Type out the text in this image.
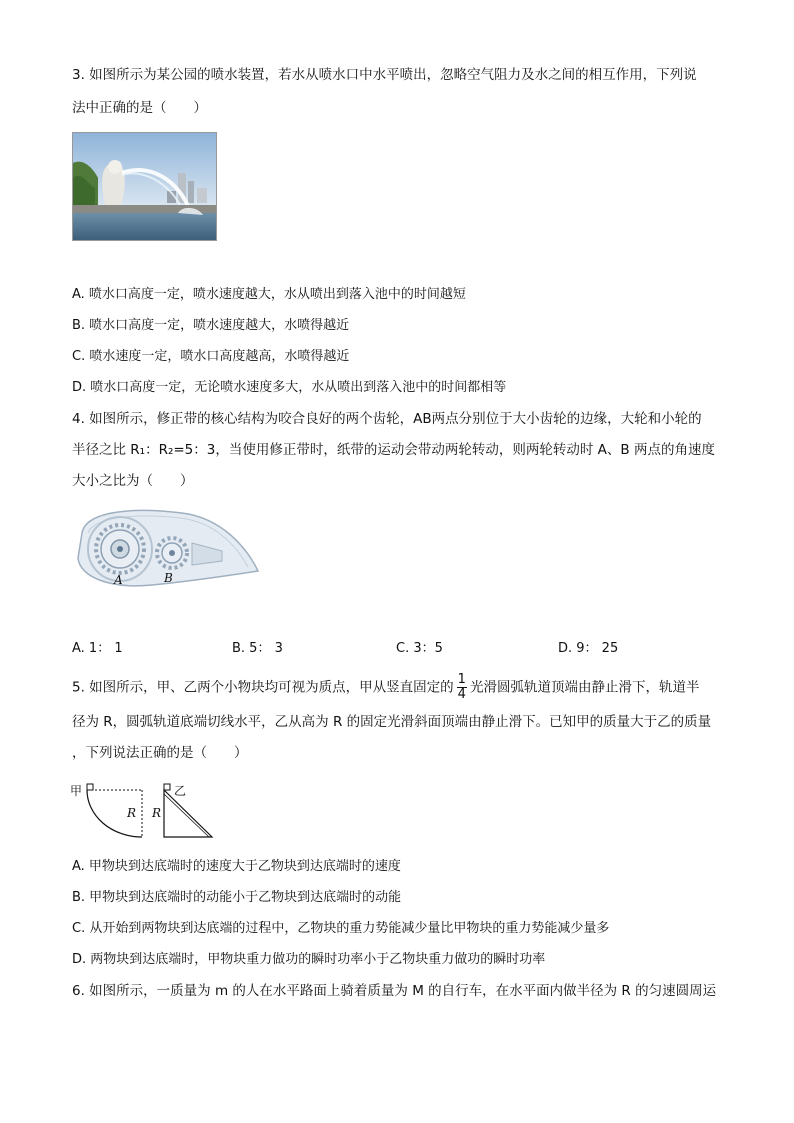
3. 如图所示为某公园的喷水装置，若水从喷水口中水平喷出，忽略空气阻力及水之间的相互作用，下列说
法中正确的是（　　）
A. 喷水口高度一定，喷水速度越大，水从喷出到落入池中的时间越短
B. 喷水口高度一定，喷水速度越大，水喷得越近
C. 喷水速度一定，喷水口高度越高，水喷得越近
D. 喷水口高度一定，无论喷水速度多大，水从喷出到落入池中的时间都相等
4. 如图所示，修正带的核心结构为咬合良好的两个齿轮，AB两点分别位于大小齿轮的边缘，大轮和小轮的
半径之比 R₁：R₂=5：3，当使用修正带时，纸带的运动会带动两轮转动，则两轮转动时 A、B 两点的角速度
大小之比为（　　）
A	B
A. 1： 1	B. 5： 3	C. 3：5	D. 9： 25
5. 如图所示，甲、乙两个小物块均可视为质点，甲从竖直固定的 $\frac{1}{4}$ 光滑圆弧轨道顶端由静止滑下，轨道半
径为 R，圆弧轨道底端切线水平，乙从高为 R 的固定光滑斜面顶端由静止滑下。已知甲的质量大于乙的质量
，下列说法正确的是（　　）
甲	乙
R R
A. 甲物块到达底端时的速度大于乙物块到达底端时的速度
B. 甲物块到达底端时的动能小于乙物块到达底端时的动能
C. 从开始到两物块到达底端的过程中，乙物块的重力势能减少量比甲物块的重力势能减少量多
D. 两物块到达底端时，甲物块重力做功的瞬时功率小于乙物块重力做功的瞬时功率
6. 如图所示，一质量为 m 的人在水平路面上骑着质量为 M 的自行车，在水平面内做半径为 R 的匀速圆周运
